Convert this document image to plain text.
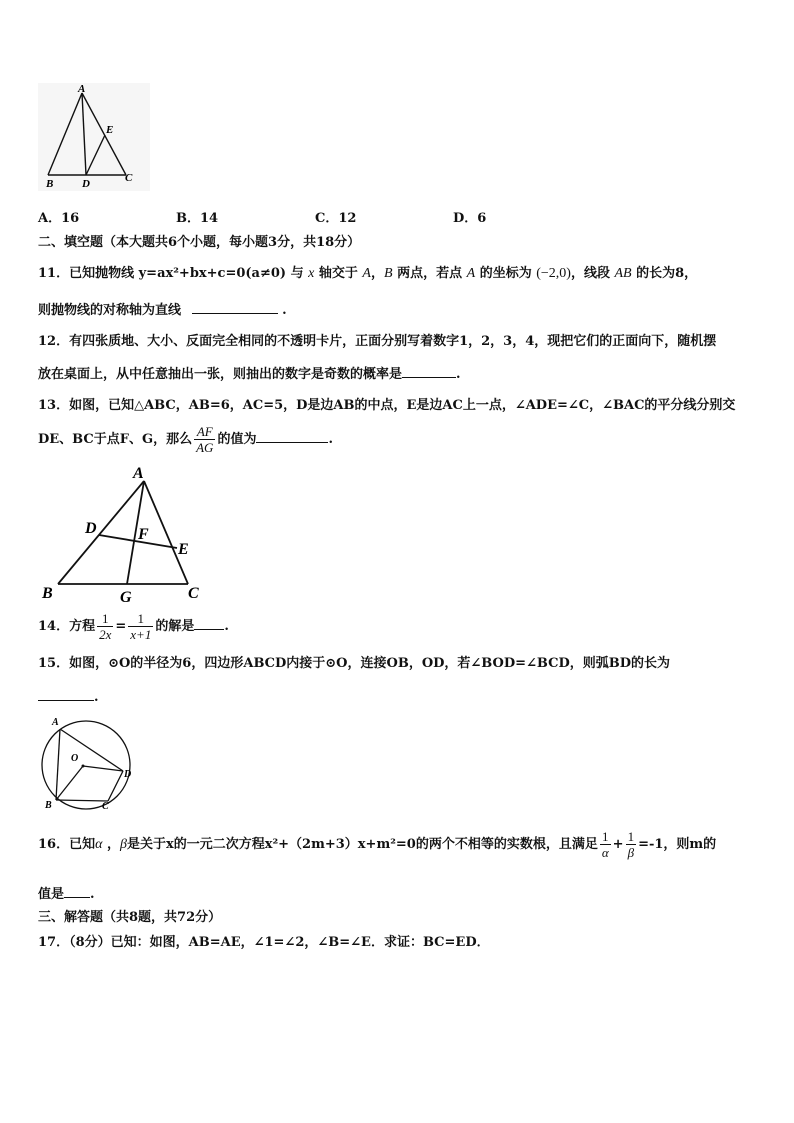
A
E
B	D	C
A．16	B．14	C．12	D．6
二、填空题（本大题共6个小题，每小题3分，共18分）
11．已知抛物线 y=ax²+bx+c=0(a≠0) 与 x 轴交于 A，B 两点，若点 A 的坐标为 (−2,0)，线段 AB 的长为8，
则抛物线的对称轴为直线	.
12．有四张质地、大小、反面完全相同的不透明卡片，正面分别写着数字1，2，3，4，现把它们的正面向下，随机摆
放在桌面上，从中任意抽出一张，则抽出的数字是奇数的概率是	.
13．如图，已知△ABC，AB=6，AC=5，D是边AB的中点，E是边AC上一点，∠ADE=∠C，∠BAC的平分线分别交
DE、BC于点F、G，那么 $\frac{AF}{AG}$ 的值为	.
A
D	F
E
B	G	C
14．方程 $\frac{1}{2x} = \frac{1}{x+1}$ 的解是 .
15．如图，⊙O的半径为6，四边形ABCD内接于⊙O，连接OB，OD，若∠BOD=∠BCD，则弧BD的长为
.
A
O
D
B	C
16．已知α ，β是关于x的一元二次方程x²+（2m+3）x+m²=0的两个不相等的实数根，且满足 $\frac{1}{\alpha} + \frac{1}{\beta} =-1$，则m的
值是 .
三、解答题（共8题，共72分）
17．（8分）已知：如图，AB=AE，∠1=∠2，∠B=∠E．求证：BC=ED．
